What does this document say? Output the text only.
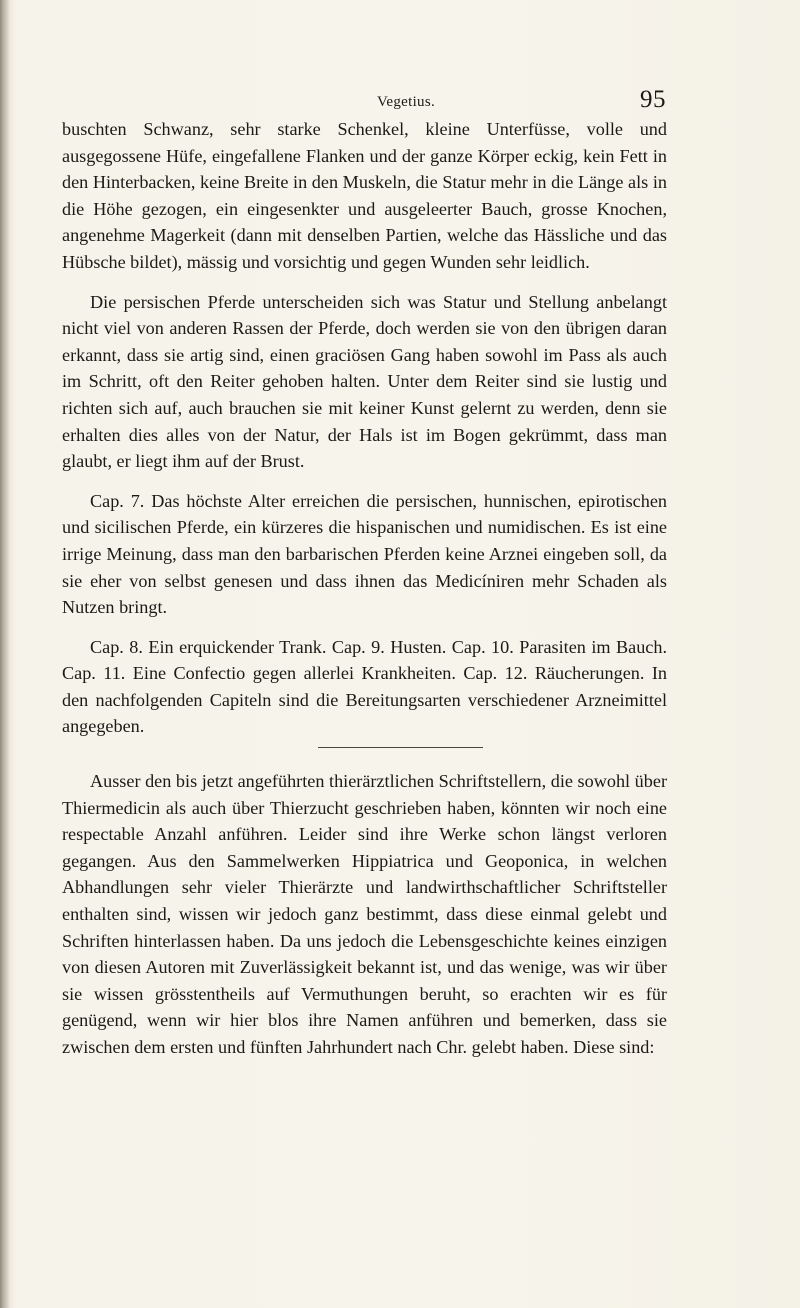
Vegetius.	95

buschten Schwanz, sehr starke Schenkel, kleine Unterfüsse, volle und ausgegossene Hüfe, eingefallene Flanken und der ganze Körper eckig, kein Fett in den Hinterbacken, keine Breite in den Muskeln, die Statur mehr in die Länge als in die Höhe gezogen, ein eingesenkter und ausgeleerter Bauch, grosse Knochen, angenehme Magerkeit (dann mit denselben Partien, welche das Hässliche und das Hübsche bildet), mässig und vorsichtig und gegen Wunden sehr leidlich.

Die persischen Pferde unterscheiden sich was Statur und Stellung anbelangt nicht viel von anderen Rassen der Pferde, doch werden sie von den übrigen daran erkannt, dass sie artig sind, einen graciösen Gang haben sowohl im Pass als auch im Schritt, oft den Reiter gehoben halten. Unter dem Reiter sind sie lustig und richten sich auf, auch brauchen sie mit keiner Kunst gelernt zu werden, denn sie erhalten dies alles von der Natur, der Hals ist im Bogen gekrümmt, dass man glaubt, er liegt ihm auf der Brust.

Cap. 7. Das höchste Alter erreichen die persischen, hunnischen, epirotischen und sicilischen Pferde, ein kürzeres die hispanischen und numidischen. Es ist eine irrige Meinung, dass man den barbarischen Pferden keine Arznei eingeben soll, da sie eher von selbst genesen und dass ihnen das Medicíniren mehr Schaden als Nutzen bringt.

Cap. 8. Ein erquickender Trank. Cap. 9. Husten. Cap. 10. Parasiten im Bauch. Cap. 11. Eine Confectio gegen allerlei Krankheiten. Cap. 12. Räucherungen. In den nachfolgenden Capiteln sind die Bereitungsarten verschiedener Arzneimittel angegeben.

Ausser den bis jetzt angeführten thierärztlichen Schriftstellern, die sowohl über Thiermedicin als auch über Thierzucht geschrieben haben, könnten wir noch eine respectable Anzahl anführen. Leider sind ihre Werke schon längst verloren gegangen. Aus den Sammelwerken Hippiatrica und Geoponica, in welchen Abhandlungen sehr vieler Thierärzte und landwirthschaftlicher Schriftsteller enthalten sind, wissen wir jedoch ganz bestimmt, dass diese einmal gelebt und Schriften hinterlassen haben. Da uns jedoch die Lebensgeschichte keines einzigen von diesen Autoren mit Zuverlässigkeit bekannt ist, und das wenige, was wir über sie wissen grösstentheils auf Vermuthungen beruht, so erachten wir es für genügend, wenn wir hier blos ihre Namen anführen und bemerken, dass sie zwischen dem ersten und fünften Jahrhundert nach Chr. gelebt haben. Diese sind:
